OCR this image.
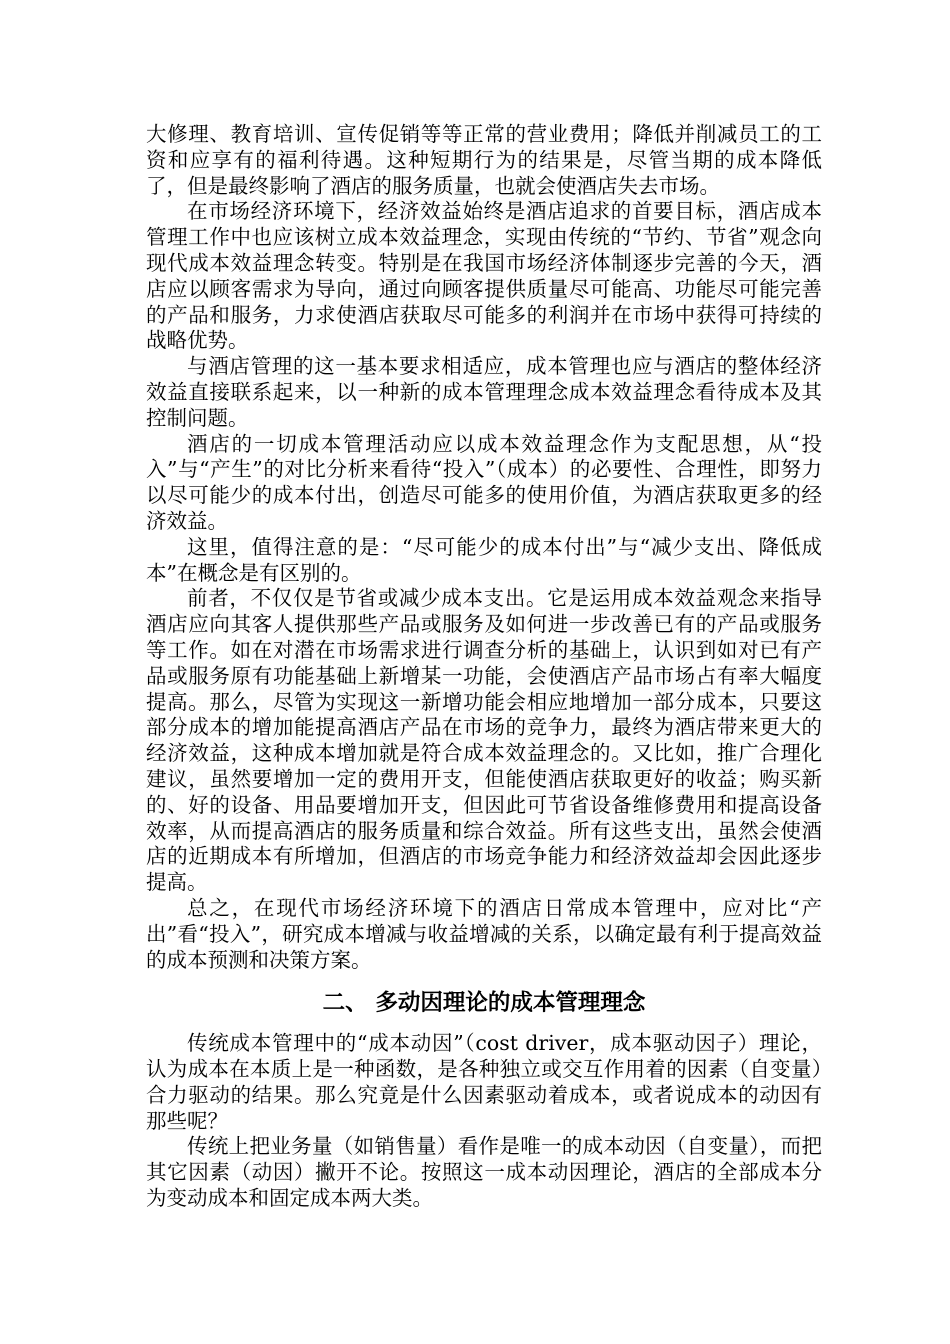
大修理、教育培训、宣传促销等等正常的营业费用；降低并削减员工的工资和应享有的福利待遇。这种短期行为的结果是，尽管当期的成本降低了，但是最终影响了酒店的服务质量，也就会使酒店失去市场。

在市场经济环境下，经济效益始终是酒店追求的首要目标，酒店成本管理工作中也应该树立成本效益理念，实现由传统的“节约、节省”观念向现代成本效益理念转变。特别是在我国市场经济体制逐步完善的今天，酒店应以顾客需求为导向，通过向顾客提供质量尽可能高、功能尽可能完善的产品和服务，力求使酒店获取尽可能多的利润并在市场中获得可持续的战略优势。

与酒店管理的这一基本要求相适应，成本管理也应与酒店的整体经济效益直接联系起来，以一种新的成本管理理念成本效益理念看待成本及其控制问题。

酒店的一切成本管理活动应以成本效益理念作为支配思想，从“投入”与“产生”的对比分析来看待“投入”（成本）的必要性、合理性，即努力以尽可能少的成本付出，创造尽可能多的使用价值，为酒店获取更多的经济效益。

这里，值得注意的是：“尽可能少的成本付出”与“减少支出、降低成本”在概念是有区别的。

前者，不仅仅是节省或减少成本支出。它是运用成本效益观念来指导酒店应向其客人提供那些产品或服务及如何进一步改善已有的产品或服务等工作。如在对潜在市场需求进行调查分析的基础上，认识到如对已有产品或服务原有功能基础上新增某一功能，会使酒店产品市场占有率大幅度提高。那么，尽管为实现这一新增功能会相应地增加一部分成本，只要这部分成本的增加能提高酒店产品在市场的竞争力，最终为酒店带来更大的经济效益，这种成本增加就是符合成本效益理念的。又比如，推广合理化建议，虽然要增加一定的费用开支，但能使酒店获取更好的收益；购买新的、好的设备、用品要增加开支，但因此可节省设备维修费用和提高设备效率，从而提高酒店的服务质量和综合效益。所有这些支出，虽然会使酒店的近期成本有所增加，但酒店的市场竞争能力和经济效益却会因此逐步提高。

总之，在现代市场经济环境下的酒店日常成本管理中，应对比“产出”看“投入”，研究成本增减与收益增减的关系，以确定最有利于提高效益的成本预测和决策方案。

二、 多动因理论的成本管理理念

传统成本管理中的“成本动因”（cost driver，成本驱动因子）理论，认为成本在本质上是一种函数，是各种独立或交互作用着的因素（自变量）合力驱动的结果。那么究竟是什么因素驱动着成本，或者说成本的动因有那些呢？

传统上把业务量（如销售量）看作是唯一的成本动因（自变量），而把其它因素（动因）撇开不论。按照这一成本动因理论，酒店的全部成本分为变动成本和固定成本两大类。
